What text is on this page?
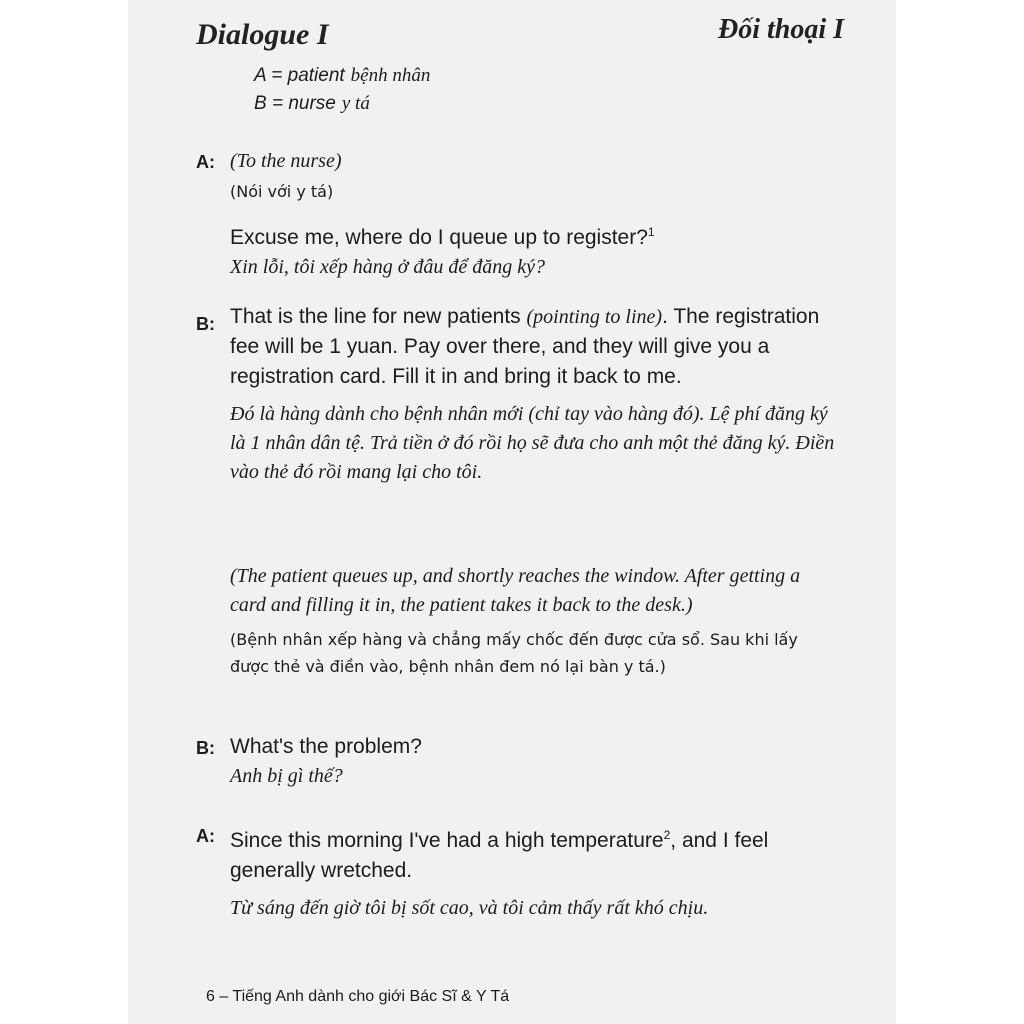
Dialogue I	Đối thoại I
A = patient bệnh nhân
B = nurse y tá
A: (To the nurse)

(Nói với y tá)

Excuse me, where do I queue up to register?$^1$

Xin lỗi, tôi xếp hàng ở đâu để đăng ký?

B: That is the line for new patients (pointing to line). The registration fee will be 1 yuan. Pay over there, and they will give you a registration card. Fill it in and bring it back to me.

Đó là hàng dành cho bệnh nhân mới (chỉ tay vào hàng đó). Lệ phí đăng ký là 1 nhân dân tệ. Trả tiền ở đó rồi họ sẽ đưa cho anh một thẻ đăng ký. Điền vào thẻ đó rồi mang lại cho tôi.

(The patient queues up, and shortly reaches the window. After getting a card and filling it in, the patient takes it back to the desk.)

(Bệnh nhân xếp hàng và chẳng mấy chốc đến được cửa sổ. Sau khi lấy được thẻ và điền vào, bệnh nhân đem nó lại bàn y tá.)

B: What's the problem?

Anh bị gì thế?

A: Since this morning I've had a high temperature$^2$, and I feel generally wretched.

Từ sáng đến giờ tôi bị sốt cao, và tôi cảm thấy rất khó chịu.

6 – Tiếng Anh dành cho giới Bác Sĩ & Y Tá
